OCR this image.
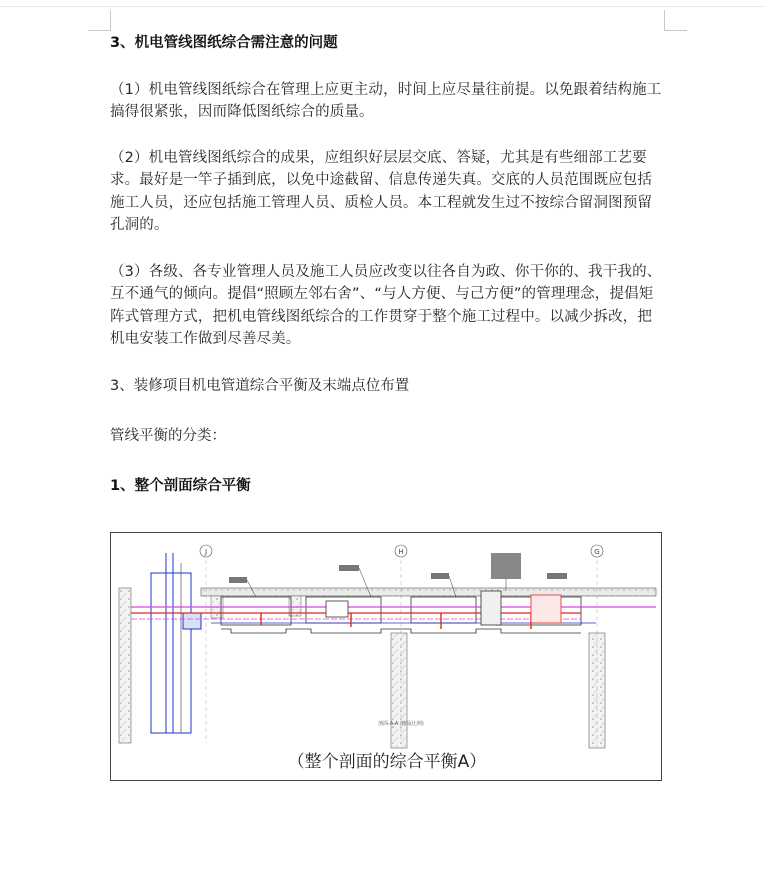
3、机电管线图纸综合需注意的问题

（1）机电管线图纸综合在管理上应更主动，时间上应尽量往前提。以免跟着结构施工搞得很紧张，因而降低图纸综合的质量。

（2）机电管线图纸综合的成果，应组织好层层交底、答疑，尤其是有些细部工艺要求。最好是一竿子插到底，以免中途截留、信息传递失真。交底的人员范围既应包括施工人员，还应包括施工管理人员、质检人员。本工程就发生过不按综合留洞图预留孔洞的。

（3）各级、各专业管理人员及施工人员应改变以往各自为政、你干你的、我干我的、互不通气的倾向。提倡“照顾左邻右舍”、“与人方便、与己方便”的管理理念，提倡矩阵式管理方式，把机电管线图纸综合的工作贯穿于整个施工过程中。以减少拆改，把机电安装工作做到尽善尽美。

3、装修项目机电管道综合平衡及末端点位布置
管线平衡的分类：
1、整个剖面综合平衡
J	H	G
剖面-A-A 剖面(比例)
（整个剖面的综合平衡A）
